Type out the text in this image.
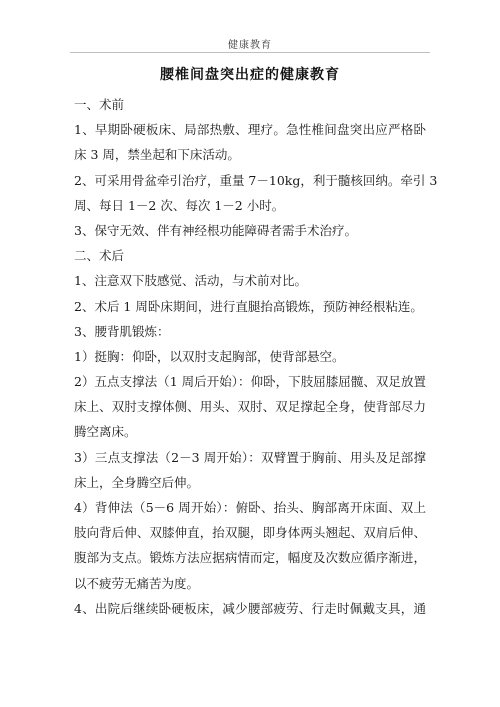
健康教育
腰椎间盘突出症的健康教育
一、术前
1、早期卧硬板床、局部热敷、理疗。急性椎间盘突出应严格卧
床 3 周，禁坐起和下床活动。
2、可采用骨盆牵引治疗，重量 7－10kg，利于髓核回纳。牵引 3
周、每日 1－2 次、每次 1－2 小时。
3、保守无效、伴有神经根功能障碍者需手术治疗。
二、术后
1、注意双下肢感觉、活动，与术前对比。
2、术后 1 周卧床期间，进行直腿抬高锻炼，预防神经根粘连。
3、腰背肌锻炼：
1）挺胸：仰卧，以双肘支起胸部，使背部悬空。
2）五点支撑法（1 周后开始）：仰卧，下肢屈膝屈髋、双足放置
床上、双肘支撑体侧、用头、双肘、双足撑起全身，使背部尽力
腾空离床。
3）三点支撑法（2－3 周开始）：双臂置于胸前、用头及足部撑
床上，全身腾空后伸。
4）背伸法（5－6 周开始）：俯卧、抬头、胸部离开床面、双上
肢向背后伸、双膝伸直，抬双腿，即身体两头翘起、双肩后伸、
腹部为支点。锻炼方法应据病情而定，幅度及次数应循序渐进，
以不疲劳无痛苦为度。
4、出院后继续卧硬板床，减少腰部疲劳、行走时佩戴支具，通
